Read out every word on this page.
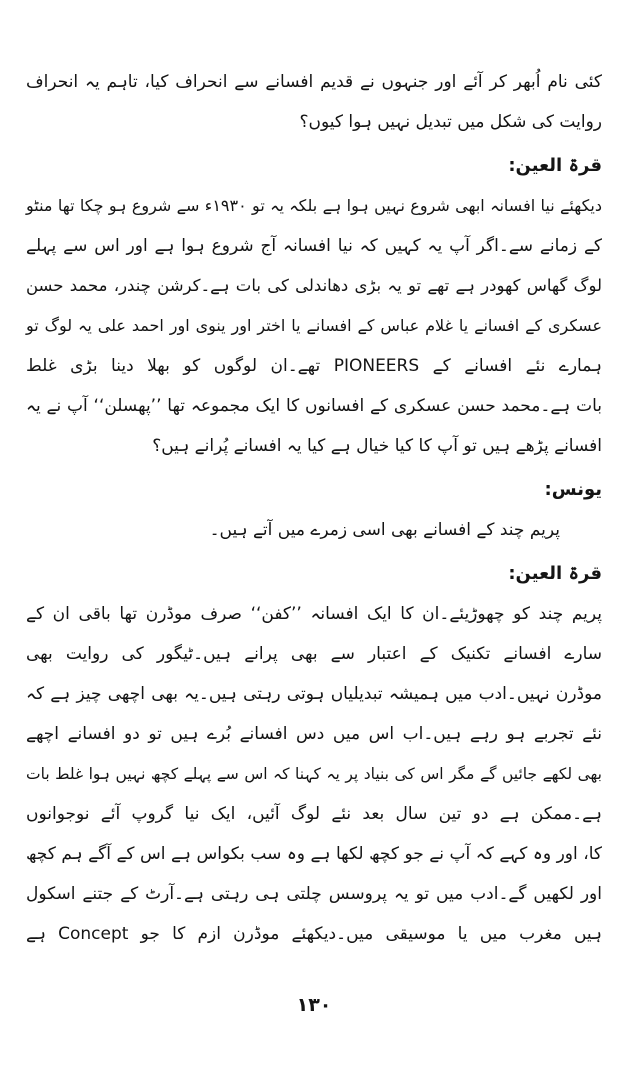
کئی نام اُبھر کر آئے اور جنہوں نے قدیم افسانے سے انحراف کیا، تاہم یہ انحراف
روایت کی شکل میں تبدیل نہیں ہوا کیوں؟
قرۃ العین:
دیکھئے نیا افسانہ ابھی شروع نہیں ہوا ہے بلکہ یہ تو ۱۹۳۰ء سے شروع ہو چکا تھا منٹو
کے زمانے سے۔اگر آپ یہ کہیں کہ نیا افسانہ آج شروع ہوا ہے اور اس سے پہلے
لوگ گھاس کھودر ہے تھے تو یہ بڑی دھاندلی کی بات ہے۔کرشن چندر، محمد حسن
عسکری کے افسانے یا غلام عباس کے افسانے یا اختر اور ینوی اور احمد علی یہ لوگ تو
ہمارے نئے افسانے کے PIONEERS تھے۔ان لوگوں کو بھلا دینا بڑی غلط
بات ہے۔محمد حسن عسکری کے افسانوں کا ایک مجموعہ تھا ’’پھسلن‘‘ آپ نے یہ
افسانے پڑھے ہیں تو آپ کا کیا خیال ہے کیا یہ افسانے پُرانے ہیں؟
یونس:
پریم چند کے افسانے بھی اسی زمرے میں آتے ہیں۔
قرۃ العین:
پریم چند کو چھوڑیئے۔ان کا ایک افسانہ ’’کفن‘‘ صرف موڈرن تھا باقی ان کے
سارے افسانے تکنیک کے اعتبار سے بھی پرانے ہیں۔ٹیگور کی روایت بھی
موڈرن نہیں۔ادب میں ہمیشہ تبدیلیاں ہوتی رہتی ہیں۔یہ بھی اچھی چیز ہے کہ
نئے تجربے ہو رہے ہیں۔اب اس میں دس افسانے بُرے ہیں تو دو افسانے اچھے
بھی لکھے جائیں گے مگر اس کی بنیاد پر یہ کہنا کہ اس سے پہلے کچھ نہیں ہوا غلط بات
ہے۔ممکن ہے دو تین سال بعد نئے لوگ آئیں، ایک نیا گروپ آئے نوجوانوں
کا، اور وہ کہے کہ آپ نے جو کچھ لکھا ہے وہ سب بکواس ہے اس کے آگے ہم کچھ
اور لکھیں گے۔ادب میں تو یہ پروسس چلتی ہی رہتی ہے۔آرٹ کے جتنے اسکول
ہیں مغرب میں یا موسیقی میں۔دیکھئے موڈرن ازم کا جو Concept ہے
۱۳۰
